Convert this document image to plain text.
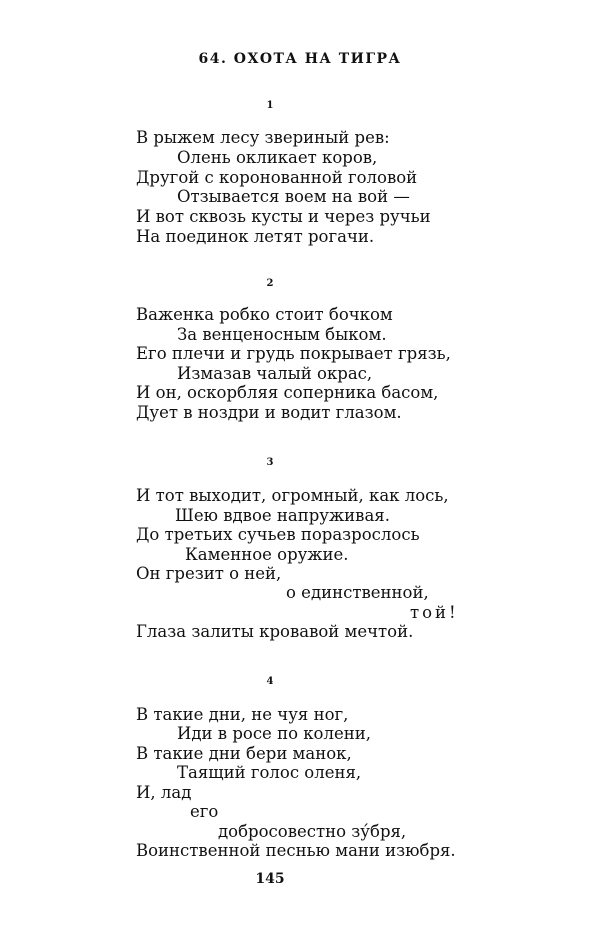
64. ОХОТА НА ТИГРА
1
В рыжем лесу звериный рев:
Олень окликает коров,
Другой с коронованной головой
Отзывается воем на вой —
И вот сквозь кусты и через ручьи
На поединок летят рогачи.
2
Важенка робко стоит бочком
За венценосным быком.
Его плечи и грудь покрывает грязь,
Измазав чалый окрас,
И он, оскорбляя соперника басом,
Дует в ноздри и водит глазом.
3
И тот выходит, огромный, как лось,
Шею вдвое напруживая.
До третьих сучьев поразрослось
Каменное оружие.
Он грезит о ней,
о единственной,
той!
Глаза залиты кровавой мечтой.
4
В такие дни, не чуя ног,
Иди в росе по колени,
В такие дни бери манок,
Таящий голос оленя,
И, лад
его
добросовестно зу́бря,
Воинственной песнью мани изюбря.
145
